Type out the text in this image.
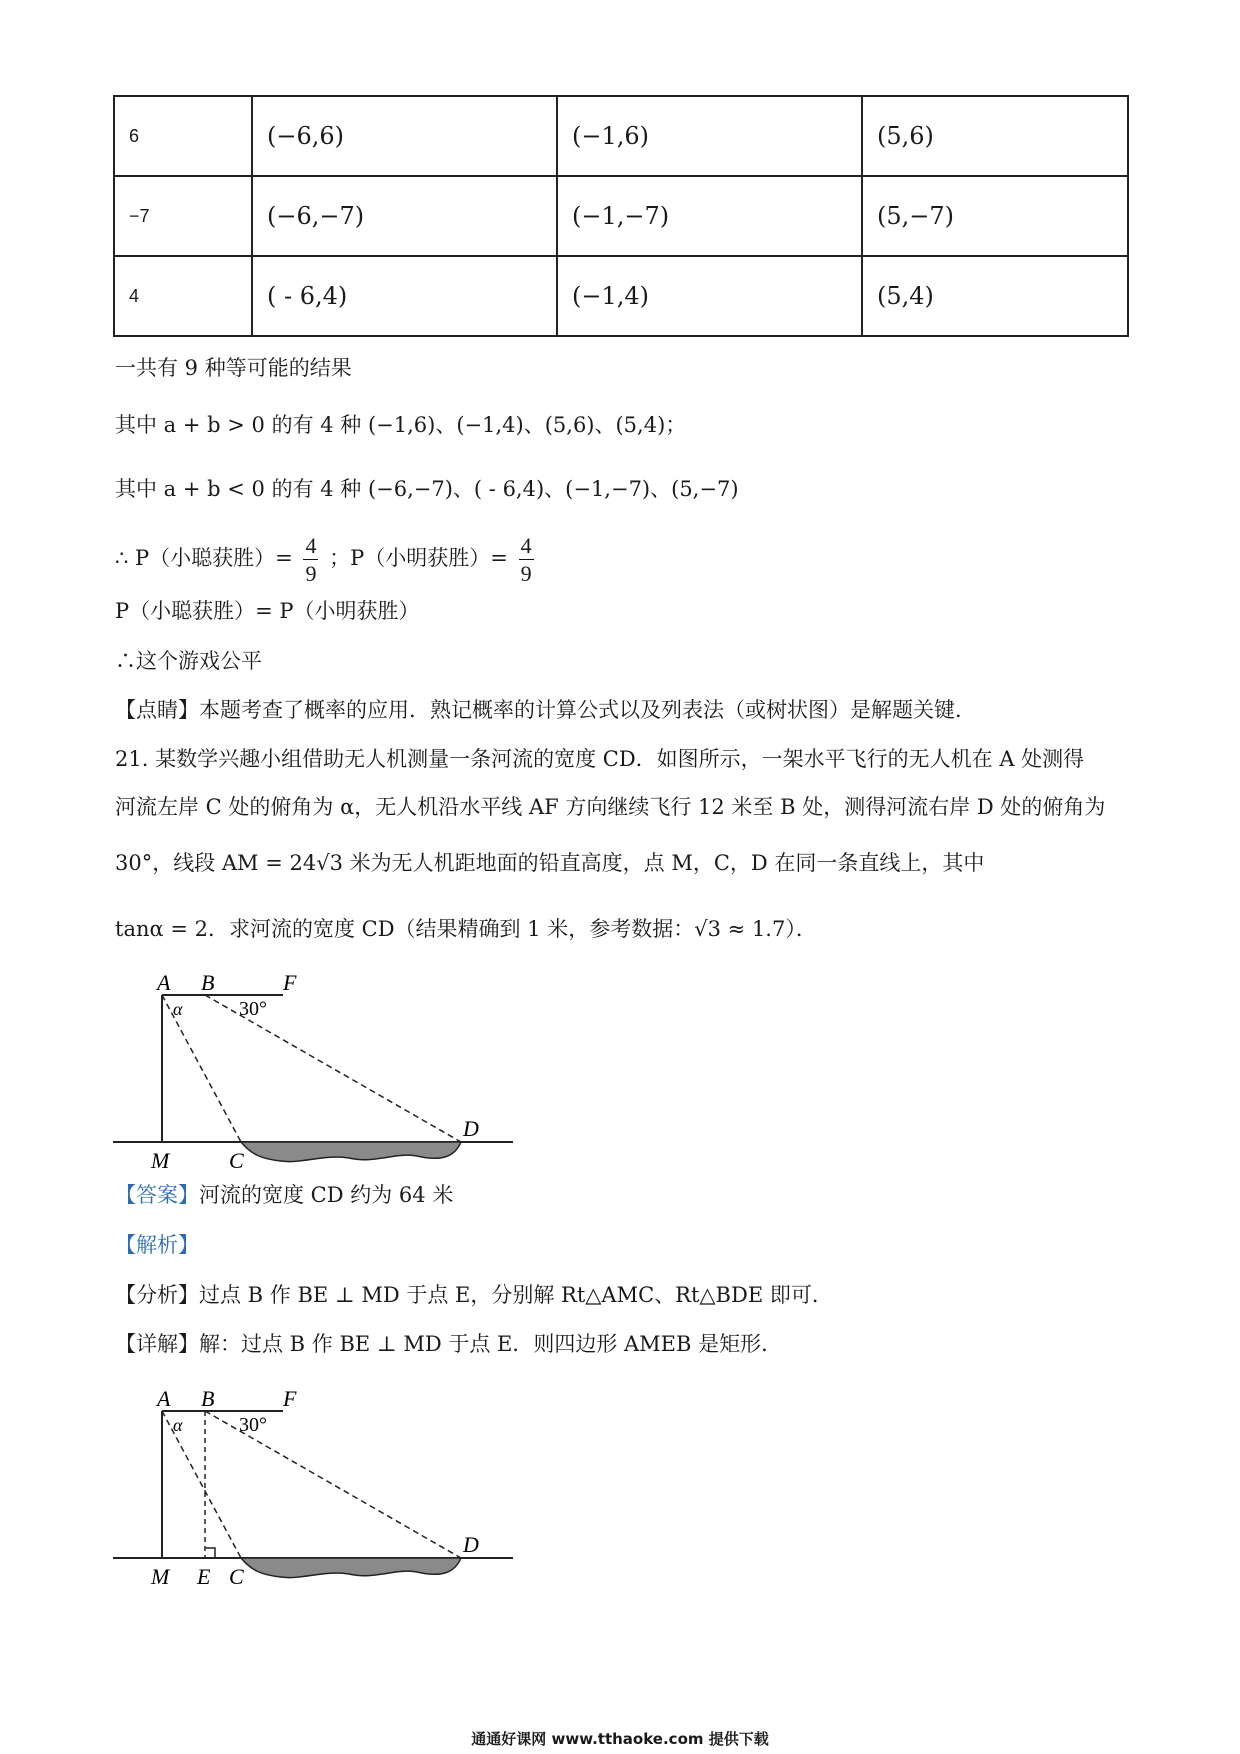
6	(−6,6)	(−1,6)	(5,6)
−7	(−6,−7)	(−1,−7)	(5,−7)
4	( - 6,4)	(−1,4)	(5,4)
一共有 9 种等可能的结果
其中 a + b > 0 的有 4 种 (−1,6)、(−1,4)、(5,6)、(5,4)；
其中 a + b < 0 的有 4 种 (−6,−7)、( - 6,4)、(−1,−7)、(5,−7)
∴ P（小聪获胜）= $\frac{4}{9}$ ；P（小明获胜）= $\frac{4}{9}$
P（小聪获胜）= P（小明获胜）
∴这个游戏公平
【点睛】本题考查了概率的应用．熟记概率的计算公式以及列表法（或树状图）是解题关键．
21. 某数学兴趣小组借助无人机测量一条河流的宽度 CD．如图所示，一架水平飞行的无人机在 A 处测得
河流左岸 C 处的俯角为 α，无人机沿水平线 AF 方向继续飞行 12 米至 B 处，测得河流右岸 D 处的俯角为
30°，线段 AM = 24√3 米为无人机距地面的铅直高度，点 M，C，D 在同一条直线上，其中
tanα = 2．求河流的宽度 CD（结果精确到 1 米，参考数据：√3 ≈ 1.7）．
A B	F
α	30°
M	C
D
【答案】河流的宽度 CD 约为 64 米
【解析】
【分析】过点 B 作 BE ⊥ MD 于点 E，分别解 Rt△AMC、Rt△BDE 即可．
【详解】解：过点 B 作 BE ⊥ MD 于点 E．则四边形 AMEB 是矩形．
A B	F
α	30°
M E C
D
通通好课网 www.tthaoke.com 提供下载
